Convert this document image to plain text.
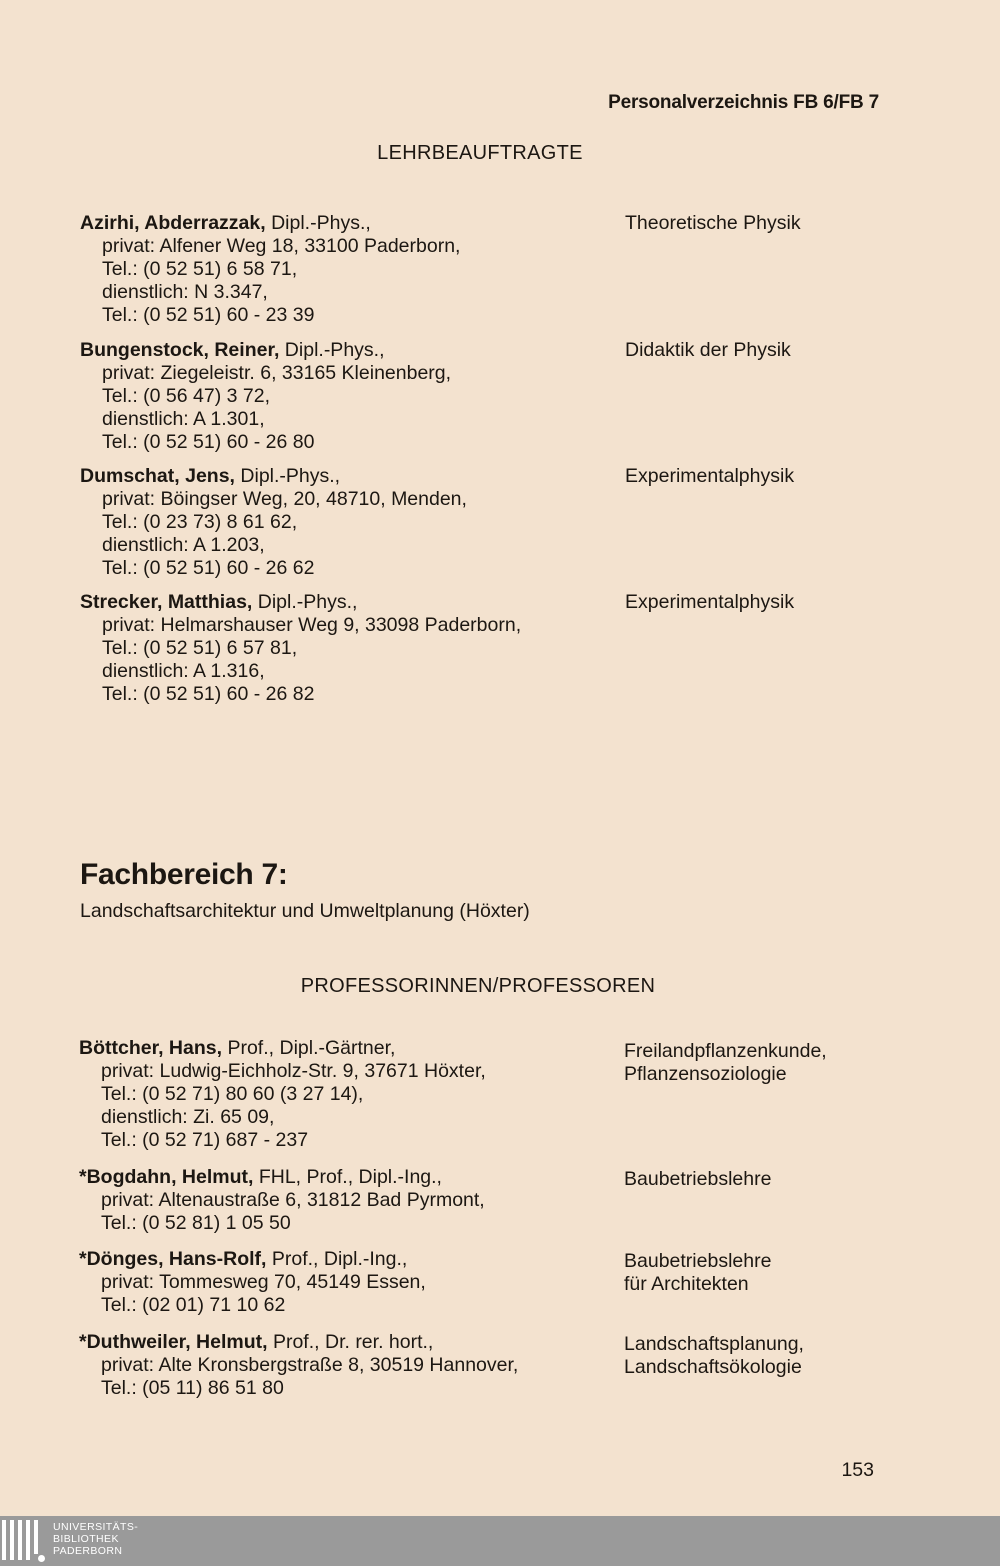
Personalverzeichnis FB 6/FB 7
LEHRBEAUFTRAGTE
Azirhi, Abderrazzak, Dipl.-Phys.,
privat: Alfener Weg 18, 33100 Paderborn,
Tel.: (0 52 51) 6 58 71,
dienstlich: N 3.347,
Tel.: (0 52 51) 60 - 23 39
Theoretische Physik
Bungenstock, Reiner, Dipl.-Phys.,
privat: Ziegeleistr. 6, 33165 Kleinenberg,
Tel.: (0 56 47) 3 72,
dienstlich: A 1.301,
Tel.: (0 52 51) 60 - 26 80
Didaktik der Physik
Dumschat, Jens, Dipl.-Phys.,
privat: Böingser Weg, 20, 48710, Menden,
Tel.: (0 23 73) 8 61 62,
dienstlich: A 1.203,
Tel.: (0 52 51) 60 - 26 62
Experimentalphysik
Strecker, Matthias, Dipl.-Phys.,
privat: Helmarshauser Weg 9, 33098 Paderborn,
Tel.: (0 52 51) 6 57 81,
dienstlich: A 1.316,
Tel.: (0 52 51) 60 - 26 82
Experimentalphysik
Fachbereich 7:
Landschaftsarchitektur und Umweltplanung (Höxter)
PROFESSORINNEN/PROFESSOREN
Böttcher, Hans, Prof., Dipl.-Gärtner,
privat: Ludwig-Eichholz-Str. 9, 37671 Höxter,
Tel.: (0 52 71) 80 60 (3 27 14),
dienstlich: Zi. 65 09,
Tel.: (0 52 71) 687 - 237
Freilandpflanzenkunde,
Pflanzensoziologie
*Bogdahn, Helmut, FHL, Prof., Dipl.-Ing.,
privat: Altenaustraße 6, 31812 Bad Pyrmont,
Tel.: (0 52 81) 1 05 50
Baubetriebslehre
*Dönges, Hans-Rolf, Prof., Dipl.-Ing.,
privat: Tommesweg 70, 45149 Essen,
Tel.: (02 01) 71 10 62
Baubetriebslehre
für Architekten
*Duthweiler, Helmut, Prof., Dr. rer. hort.,
privat: Alte Kronsbergstraße 8, 30519 Hannover,
Tel.: (05 11) 86 51 80
Landschaftsplanung,
Landschaftsökologie
153
UNIVERSITÄTS-
BIBLIOTHEK
PADERBORN
